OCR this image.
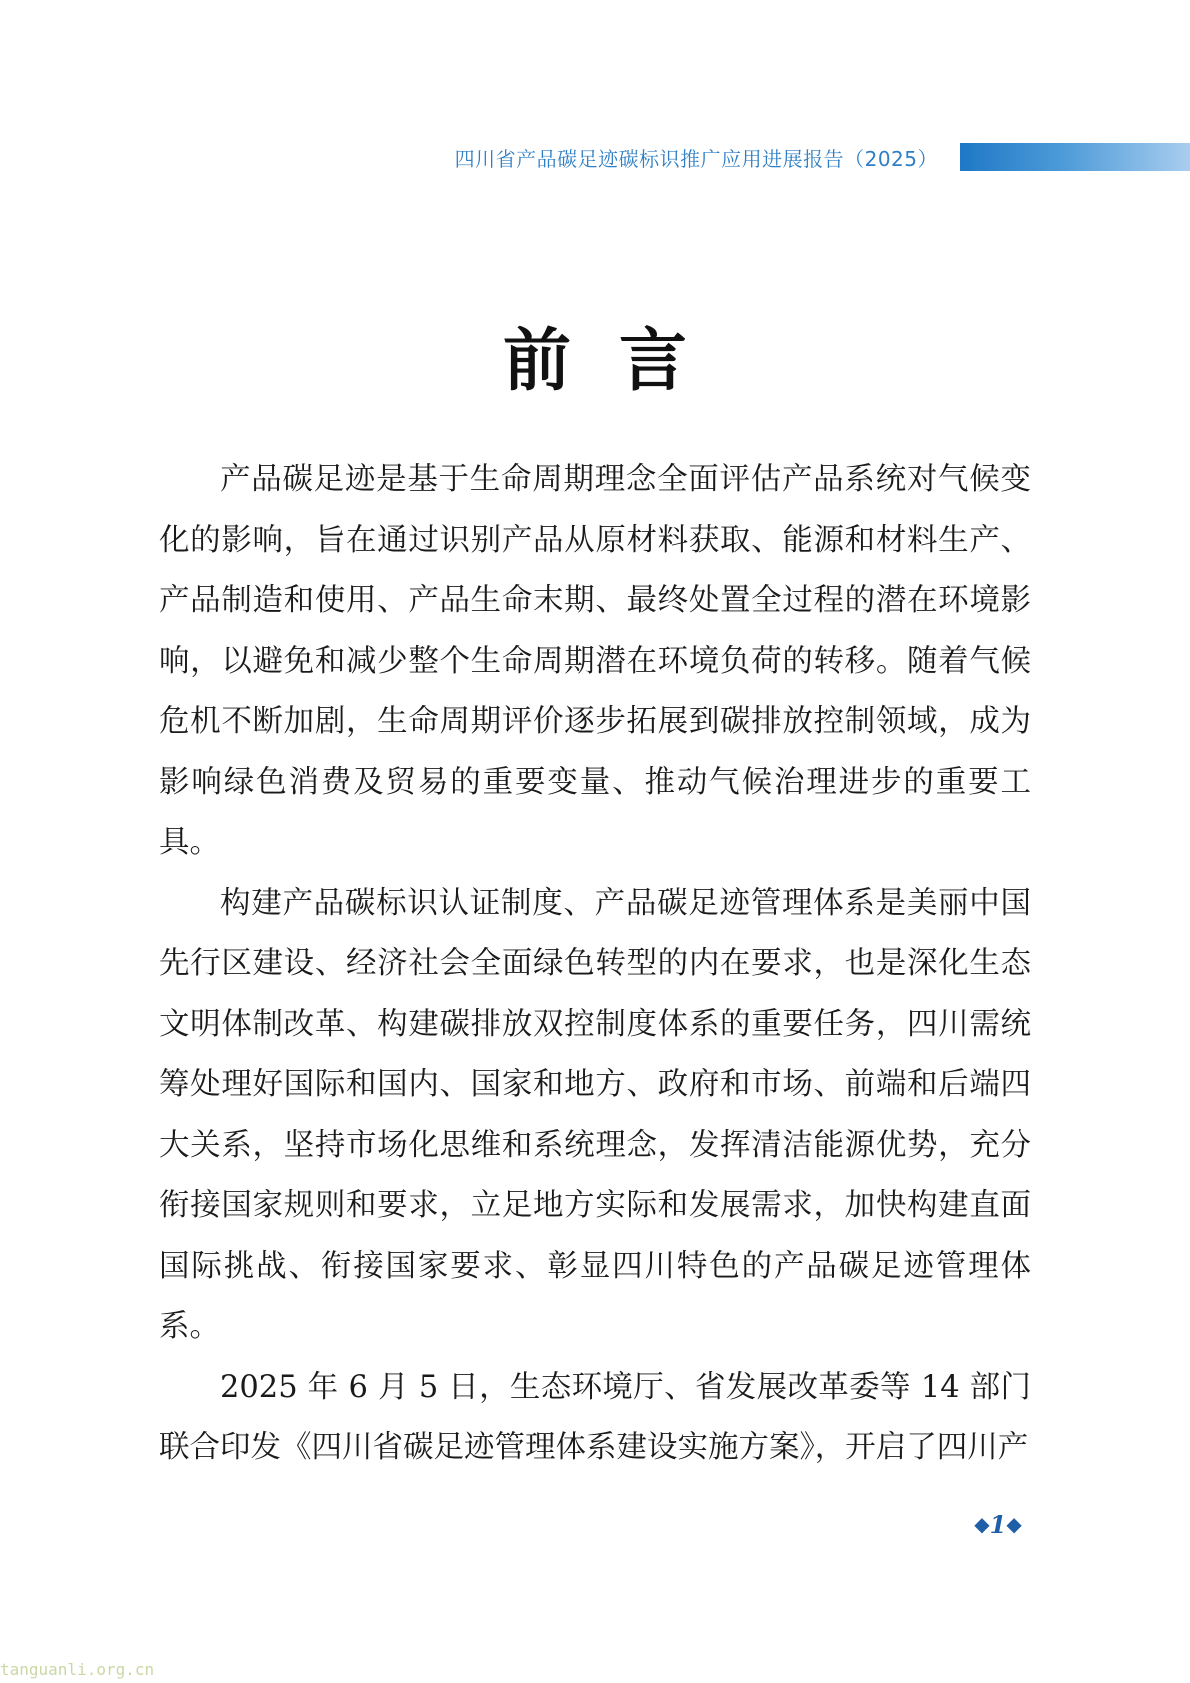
四川省产品碳足迹碳标识推广应用进展报告（2025）
前言

产品碳足迹是基于生命周期理念全面评估产品系统对气候变化的影响，旨在通过识别产品从原材料获取、能源和材料生产、产品制造和使用、产品生命末期、最终处置全过程的潜在环境影响，以避免和减少整个生命周期潜在环境负荷的转移。随着气候危机不断加剧，生命周期评价逐步拓展到碳排放控制领域，成为影响绿色消费及贸易的重要变量、推动气候治理进步的重要工具。

构建产品碳标识认证制度、产品碳足迹管理体系是美丽中国先行区建设、经济社会全面绿色转型的内在要求，也是深化生态文明体制改革、构建碳排放双控制度体系的重要任务，四川需统筹处理好国际和国内、国家和地方、政府和市场、前端和后端四大关系，坚持市场化思维和系统理念，发挥清洁能源优势，充分衔接国家规则和要求，立足地方实际和发展需求，加快构建直面国际挑战、衔接国家要求、彰显四川特色的产品碳足迹管理体系。

2025 年 6 月 5 日，生态环境厅、省发展改革委等 14 部门联合印发《四川省碳足迹管理体系建设实施方案》，开启了四川产

◆1◆
tanguanli.org.cn
